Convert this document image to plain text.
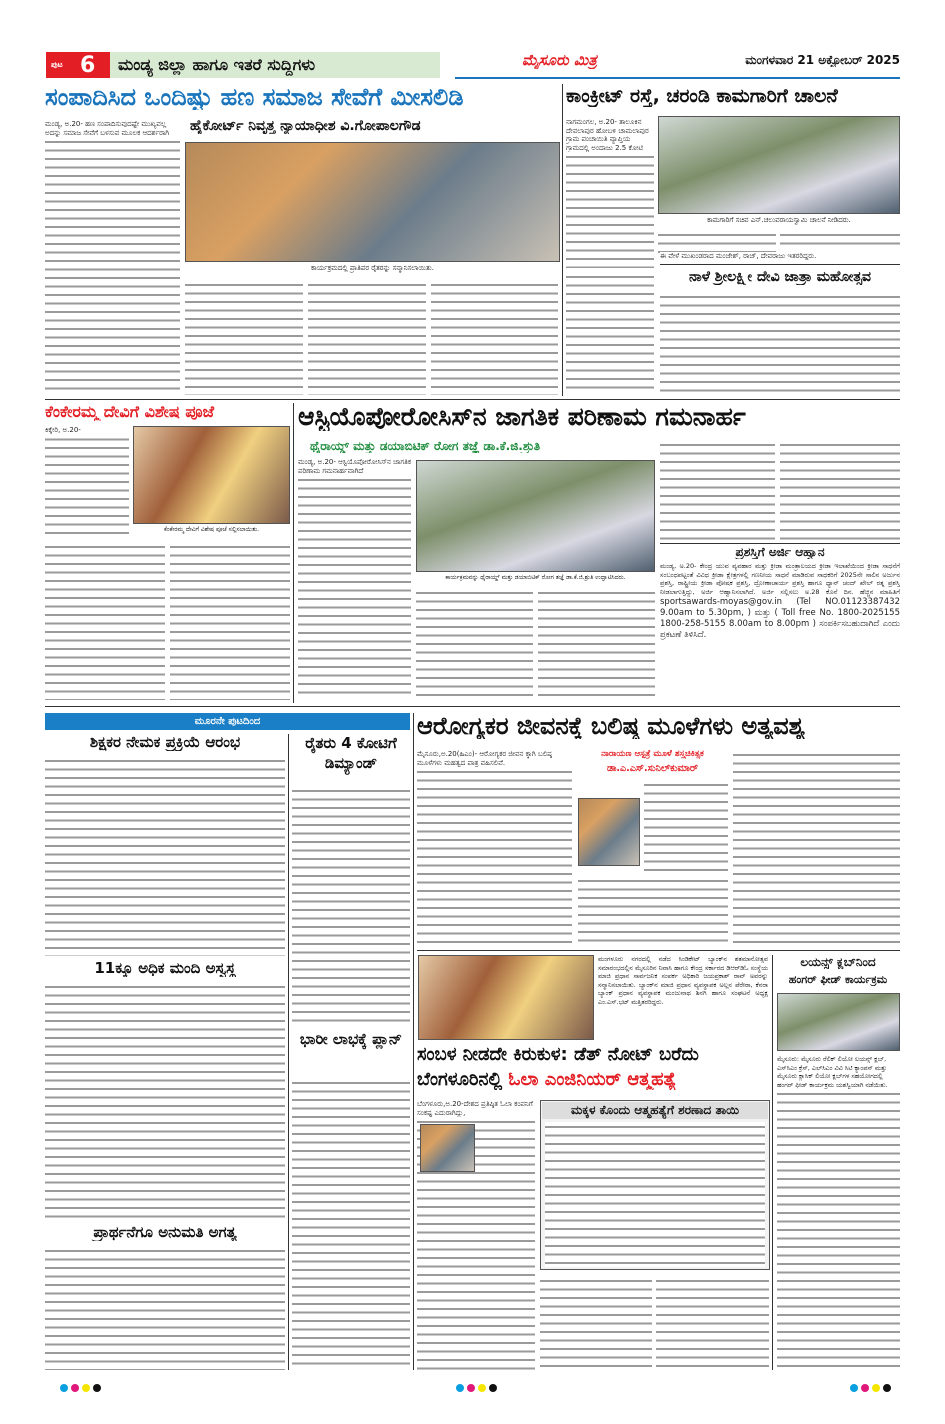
ಪುಟ 6	ಮಂಡ್ಯ ಜಿಲ್ಲಾ ಹಾಗೂ ಇತರೆ ಸುದ್ದಿಗಳು	ಮೈಸೂರು ಮಿತ್ರ	ಮಂಗಳವಾರ 21 ಅಕ್ಟೋಬರ್ 2025
ಸಂಪಾದಿಸಿದ ಒಂದಿಷ್ಟು ಹಣ ಸಮಾಜ ಸೇವೆಗೆ ಮೀಸಲಿಡಿ
ಹೈಕೋರ್ಟ್ ನಿವೃತ್ತ ನ್ಯಾಯಾಧೀಶ ವಿ.ಗೋಪಾಲಗೌಡ
ಮಂಡ್ಯ, ಅ.20- ಹಣ ಸಂಪಾದಿಸುವುದಷ್ಟೇ ಮುಖ್ಯವಲ್ಲ ಅದನ್ನು ಸಮಾಜ ಸೇವೆಗೆ ಬಳಸುವ ಮೂಲಕ ಆದರ್ಶರಾಗಿ
ಕಾರ್ಯಕ್ರಮದಲ್ಲಿ ಪ್ರಾತಿಪರ ರೈತರನ್ನು ಸನ್ಮಾನಿಸಲಾಯಿತು.
ಕಾಂಕ್ರೀಟ್ ರಸ್ತೆ, ಚರಂಡಿ ಕಾಮಗಾರಿಗೆ ಚಾಲನೆ
ನಾಗಮಂಗಲ, ಅ.20- ತಾಲೂಕಿನ ದೇವಲಾಪುರ ಹೋಬಳಿ ಚಾಮಲಾಪುರ ಗ್ರಾಮ ಪಂಚಾಯಿತಿ ವ್ಯಾಪ್ತಿಯ ಗ್ರಾಮದಲ್ಲಿ ಅಂದಾಜು 2.5 ಕೋಟಿ
ಕಾಮಗಾರಿಗೆ ಸಚಿವ ಎನ್.ಚಲುವರಾಯಸ್ವಾಮಿ ಚಾಲನೆ ನೀಡಿದರು.
ಈ ವೇಳೆ ಮುಖಂಡರಾದ ಮಂಜೇಶ್, ರಾಜ್, ದೇವರಾಜು ಇತರರಿದ್ದರು.
ನಾಳೆ ಶ್ರೀಲಕ್ಷ್ಮೀ ದೇವಿ ಜಾತ್ರಾ ಮಹೋತ್ಸವ
ಕೆಂಕೇರಮ್ಮ ದೇವಿಗೆ ವಿಶೇಷ ಪೂಜೆ
ಕಿಕ್ಕೇರಿ, ಅ.20-
ಕೆಂಕೇರಮ್ಮ ದೇವಿಗೆ ವಿಶೇಷ ಪೂಜೆ ಸಲ್ಲಿಸಲಾಯಿತು.
ಆಸ್ಟಿಯೊಪೋರೋಸಿಸ್‌ನ ಜಾಗತಿಕ ಪರಿಣಾಮ ಗಮನಾರ್ಹ
ಥೈರಾಯ್ಡ್ ಮತ್ತು ಡಯಾಬಿಟಿಕ್ ರೋಗ ತಜ್ಞೆ ಡಾ.ಕೆ.ಜಿ.ಶ್ರುತಿ
ಮಂಡ್ಯ, ಅ.20- ಆಸ್ಟಿಯೊಪೋರೋಸಿಸ್‌ನ ಜಾಗತಿಕ ಪರಿಣಾಮ ಗಮನಾರ್ಹವಾಗಿದೆ
ಕಾರ್ಯಕ್ರಮವನ್ನು ಥೈರಾಯ್ಡ್ ಮತ್ತು ಡಯಾಬಿಟಿಕ್ ರೋಗ ತಜ್ಞೆ ಡಾ.ಕೆ.ಜಿ.ಶ್ರುತಿ ಉದ್ಘಾಟಿಸಿದರು.
ಪ್ರಶಸ್ತಿಗೆ ಅರ್ಜಿ ಆಹ್ವಾನ
ಮಂಡ್ಯ, ಅ.20- ಕೇಂದ್ರ ಯುವ ವ್ಯವಹಾರ ಮತ್ತು ಕ್ರೀಡಾ ಮಂತ್ರಾಲಯದ ಕ್ರೀಡಾ ಇಲಾಖೆಯಿಂದ ಕ್ರೀಡಾ ಸಾಧನೆಗೆ ಸಂಬಂಧಪಟ್ಟಂತೆ ವಿವಿಧ ಕ್ರೀಡಾ ಕ್ಷೇತ್ರಗಳಲ್ಲಿ ಗಣನೀಯ ಸಾಧನೆ ಮಾಡಿರುವ ಸಾಧಕರಿಗೆ 2025ನೇ ಸಾಲಿನ ಅರ್ಜುನ ಪ್ರಶಸ್ತಿ, ರಾಷ್ಟ್ರೀಯ ಕ್ರೀಡಾ ಪೋಷಕ ಪ್ರಶಸ್ತಿ, ದ್ರೋಣಾಚಾರ್ಯ ಪ್ರಶಸ್ತಿ ಹಾಗೂ ಧ್ಯಾನ್ ಚಂದ್ ಖೇಲ್ ರತ್ನ ಪ್ರಶಸ್ತಿ ನೀಡಲಾಗುತ್ತಿದ್ದು, ಅರ್ಜಿ ಆಹ್ವಾನಿಸಲಾಗಿದೆ. ಅರ್ಜಿ ಸಲ್ಲಿಸಲು ಅ.28 ಕೊನೆ ದಿನ. ಹೆಚ್ಚಿನ ಮಾಹಿತಿಗೆ sportsawards-moyas@gov.in (Tel NO.01123387432 9.00am to 5.30pm, ) ಮತ್ತು ( Toll free No. 1800-2025155 1800-258-5155 8.00am to 8.00pm ) ಸಂಪರ್ಕಿಸಬಹುದಾಗಿದೆ ಎಂದು ಪ್ರಕಟಣೆ ತಿಳಿಸಿದೆ.
ಮೂರನೇ ಪುಟದಿಂದ
ಶಿಕ್ಷಕರ ನೇಮಕ ಪ್ರಕ್ರಿಯೆ ಆರಂಭ
11ಕ್ಕೂ ಅಧಿಕ ಮಂದಿ ಅಸ್ವಸ್ಥ
ಪ್ರಾರ್ಥನೆಗೂ ಅನುಮತಿ ಅಗತ್ಯ
ರೈತರು 4 ಕೋಟಿಗೆ ಡಿಮ್ಯಾಂಡ್
ಭಾರೀ ಲಾಭಕ್ಕೆ ಪ್ಲಾನ್
ಆರೋಗ್ಯಕರ ಜೀವನಕ್ಕೆ ಬಲಿಷ್ಠ ಮೂಳೆಗಳು ಅತ್ಯವಶ್ಯ
ಮೈಸೂರು,ಅ.20(ಹಿಎಂ)- ಆರೋಗ್ಯಕರ ಜೀವನ ಕ್ಕಾಗಿ ಬಲಿಷ್ಠ ಮೂಳೆಗಳು ಮಹತ್ವದ ಪಾತ್ರ ವಹಿಸಲಿವೆ.
ನಾರಾಯಣ ಆಸ್ಪತ್ರೆ ಮೂಳೆ ಶಸ್ತ್ರಚಿಕಿತ್ಸಕ
ಡಾ.ಎ.ಎಸ್.ಸುನಿಲ್‌ಕುಮಾರ್
ಮಂಗಳೂರು ನಗರದಲ್ಲಿ ನಡೆದ ಸಿಂಡಿಕೇಟ್ ಬ್ಯಾಂಕ್‌ನ ಶತಮಾನೋತ್ಸವ ಸಮಾರಂಭದಲ್ಲಿನ ಮೈಸೂರಿನ ನಿವಾಸಿ ಹಾಗೂ ಕೇಂದ್ರ ಸರ್ಕಾರದ ಡಿಆರ್‌ಡಿಓ ಸಂಸ್ಥೆಯ ಮಾಜಿ ಪ್ರಧಾನ ಸಾರ್ವಜನಿಕ ಸಂಪರ್ಕ ಅಧಿಕಾರಿ ಜಯಪ್ರಕಾಶ್ ರಾವ್ ಅವರನ್ನು ಸನ್ಮಾನಿಸಲಾಯಿತು. ಬ್ಯಾಂಕ್‌ನ ಮಾಜಿ ಪ್ರಧಾನ ವ್ಯವಸ್ಥಾಪಕ ಅಲ್ಲನ ಪೆರೇರಾ, ಕೆನರಾ ಬ್ಯಾಂಕ್ ಪ್ರಧಾನ ವ್ಯವಸ್ಥಾಪಕ ಮಂಜುನಾಥ ಶಿನಗಿ ಹಾಗೂ ಸಂಘಟನೆ ಅಧ್ಯಕ್ಷ ಎಂ.ಎಸ್.ಭಟ್ ಮತ್ತಿತರರಿದ್ದರು.
ಲಯನ್ಸ್ ಕ್ಲಬ್‌ನಿಂದ
ಹಂಗರ್ ಫೀಡ್ ಕಾರ್ಯಕ್ರಮ
ಮೈಸೂರು: ಮೈಸೂರು ರೆಲಿಕ್ ಲಿಯೋ ಲಯನ್ಸ್ ಕ್ಲಬ್, ಎಸ್‌ಸಿಎಂ ಕ್ರೆಸ್, ಎಲ್‌ಸಿಎಂ ವಿವಿ ಸಿಟಿ ಕ್ಯಾಂಪಸ್ ಮತ್ತು ಮೈಸೂರು ಕ್ಲಾಸಿಕ್ ಲಿಯೋ ಕ್ಲಬ್‌ಗಳ ಸಹಯೋಗದಲ್ಲಿ ಹಂಗರ್ ಫೀಡ್ ಕಾರ್ಯಕ್ರಮ ಯಶಸ್ವಿಯಾಗಿ ನಡೆಯಿತು.
ಸಂಬಳ ನೀಡದೇ ಕಿರುಕುಳ: ಡೆತ್ ನೋಟ್ ಬರೆದು
ಬೆಂಗಳೂರಿನಲ್ಲಿ ಓಲಾ ಎಂಜಿನಿಯರ್ ಆತ್ಮಹತ್ಯೆ
ಬೆಂಗಳೂರು,ಅ.20-ದೇಶದ ಪ್ರತಿಷ್ಠಿತ ಓಲಾ ಕಂಪನಿಗೆ ಸಂಕಷ್ಟ ಎದುರಾಗಿದ್ದು,	ಮಕ್ಕಳ ಕೊಂದು ಆತ್ಮಹತ್ಯೆಗೆ ಶರಣಾದ ತಾಯಿ
